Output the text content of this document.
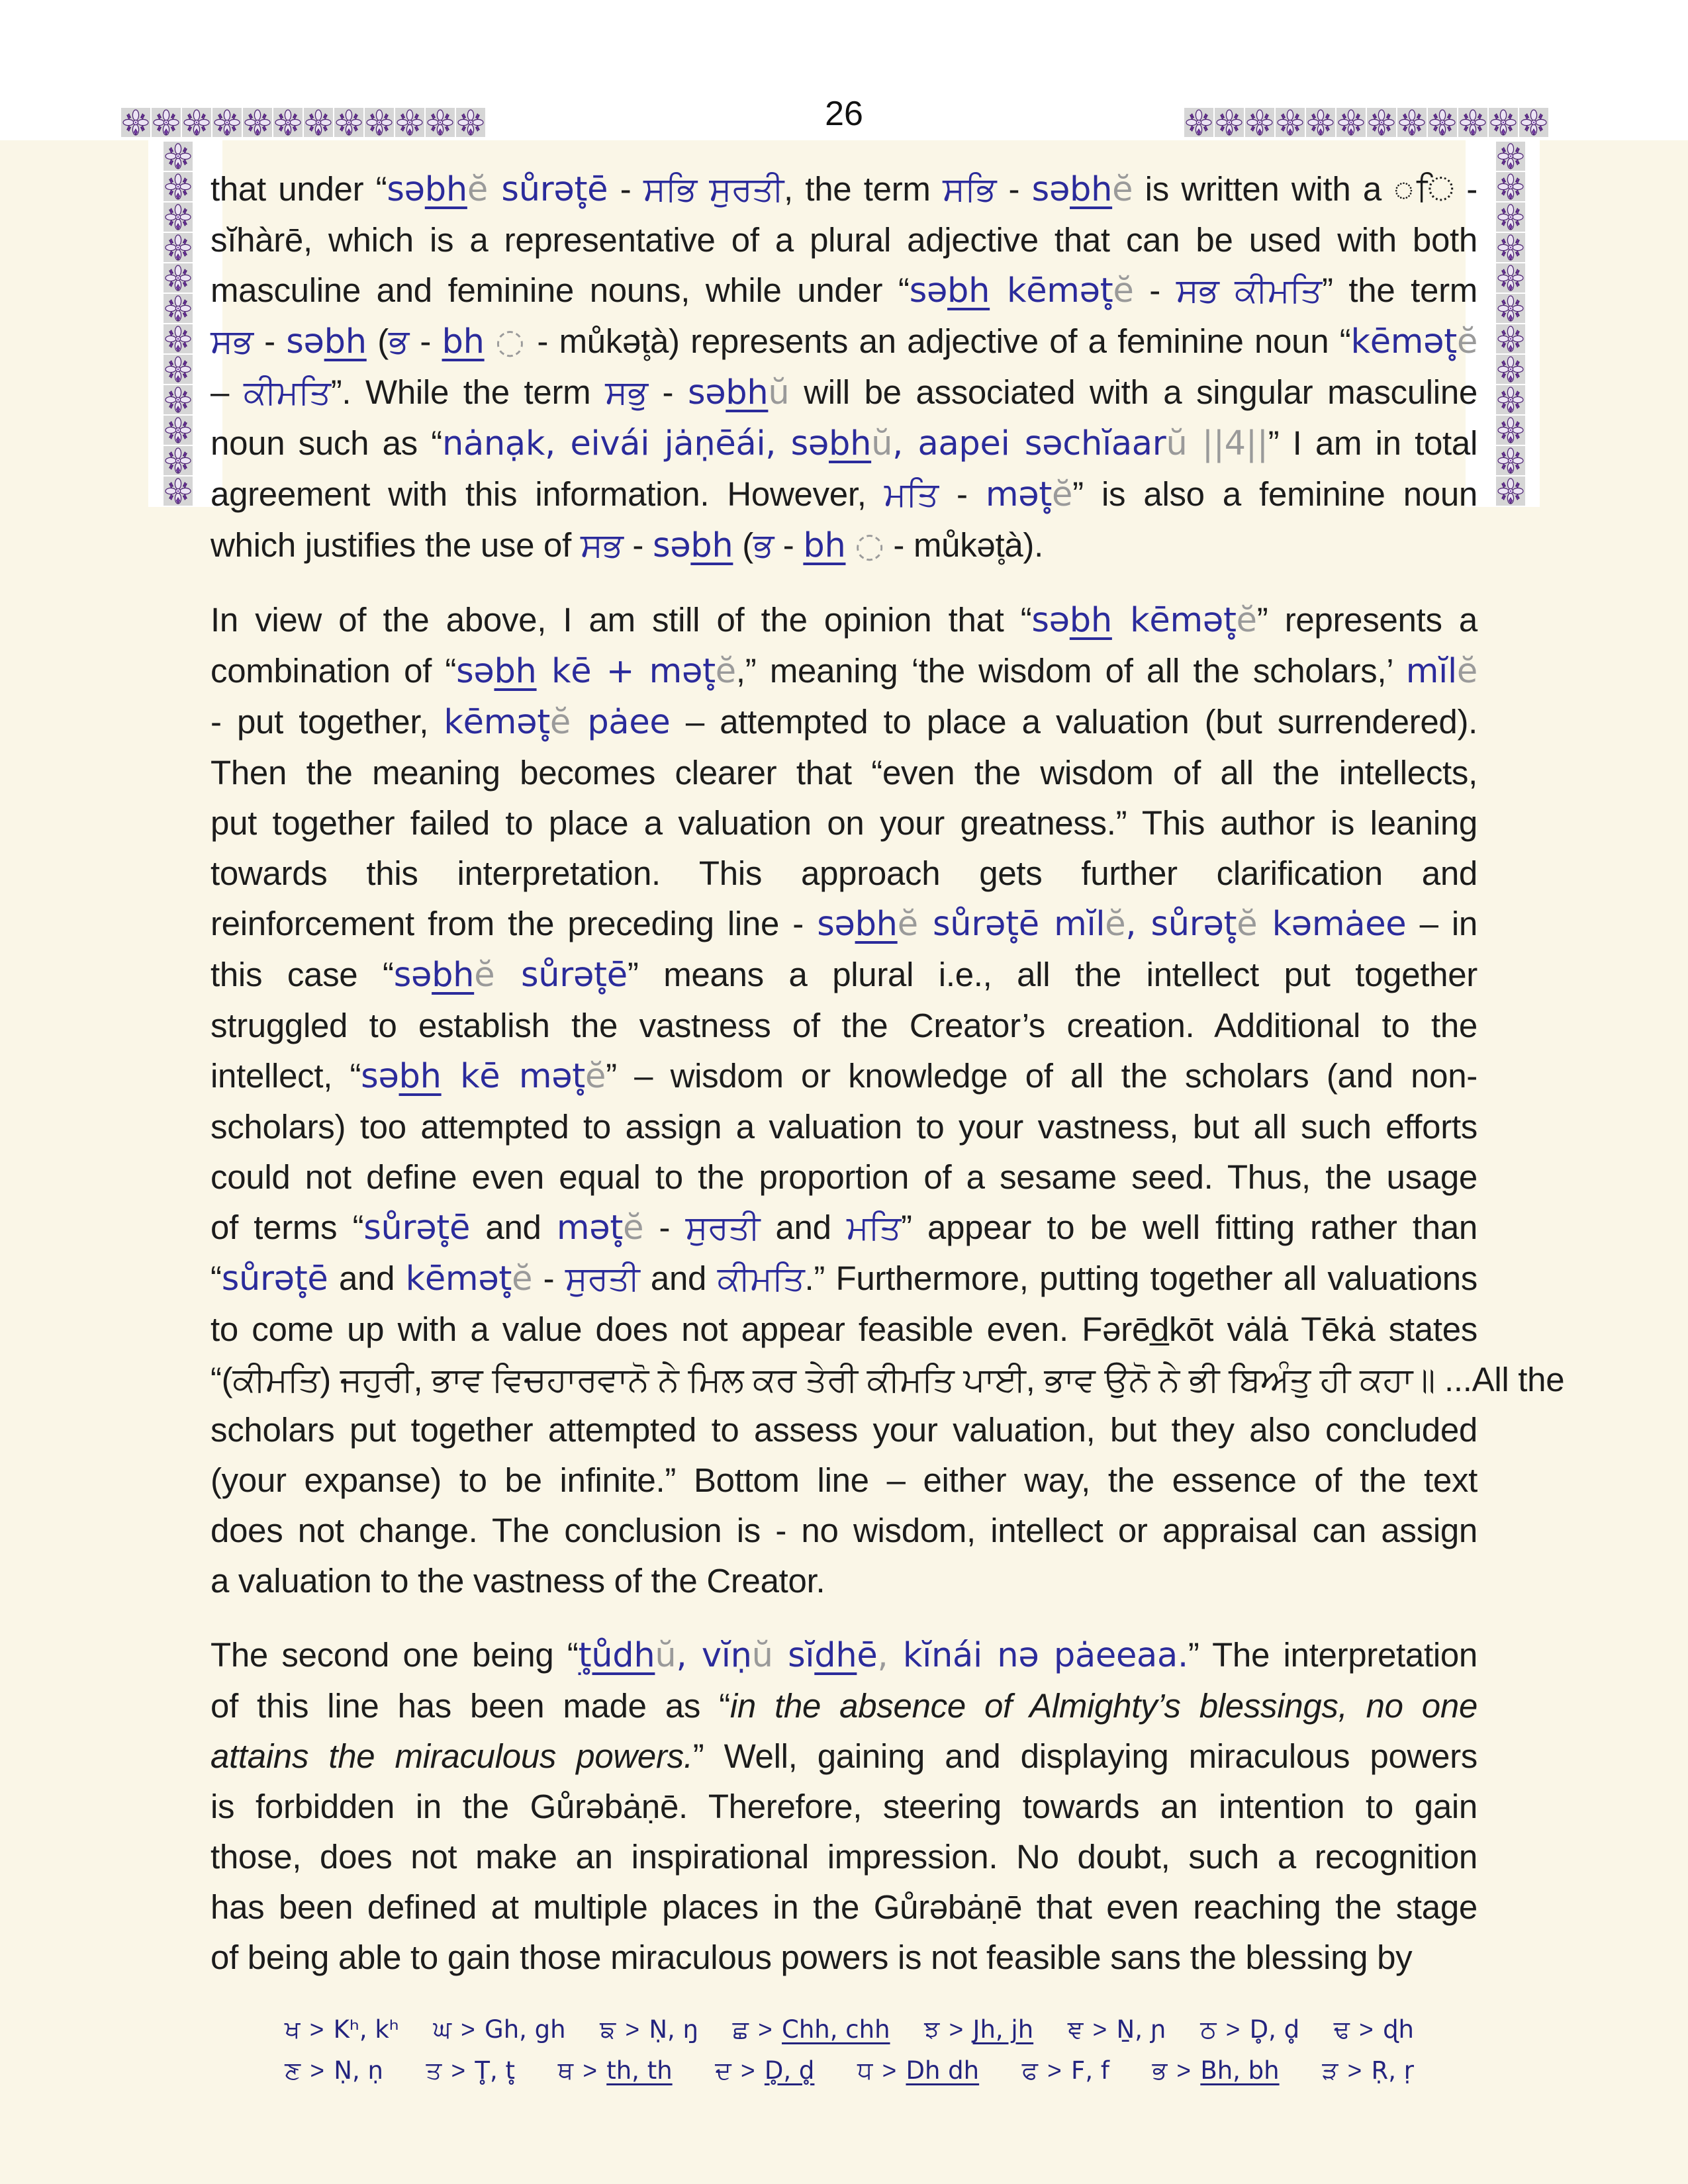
26
that under “səbhĕ sůrət̥ē - ਸਭਿ ਸੁਰਤੀ, the term ਸਭਿ - səbhĕ is written with a ◌ਿ -
sĭhàrē, which is a representative of a plural adjective that can be used with both
masculine and feminine nouns, while under “səbh kēmət̥ĕ - ਸਭ ਕੀਮਤਿ” the term
ਸਭ - səbh (ਭ - bh ◌ - můkət̥à) represents an adjective of a feminine noun “kēmət̥ĕ
– ਕੀਮਤਿ”. While the term ਸਭੁ - səbhŭ will be associated with a singular masculine
noun such as “nȧnạk, eivái jȧṇēái, səbhŭ, aapei səchĭaarŭ ||4||” I am in total
agreement with this information. However, ਮਤਿ - mət̥ĕ” is also a feminine noun
which justifies the use of ਸਭ - səbh (ਭ - bh ◌ - můkət̥à).
In view of the above, I am still of the opinion that “səbh kēmət̥ĕ” represents a
combination of “səbh kē + mət̥ĕ,” meaning ‘the wisdom of all the scholars,’ mĭlĕ
- put together, kēmət̥ĕ pȧee – attempted to place a valuation (but surrendered).
Then the meaning becomes clearer that “even the wisdom of all the intellects,
put together failed to place a valuation on your greatness.” This author is leaning
towards this interpretation. This approach gets further clarification and
reinforcement from the preceding line - səbhĕ sůrət̥ē mĭlĕ, sůrət̥ĕ kəmȧee – in
this case “səbhĕ sůrət̥ē” means a plural i.e., all the intellect put together
struggled to establish the vastness of the Creator’s creation. Additional to the
intellect, “səbh kē mət̥ĕ” – wisdom or knowledge of all the scholars (and non-
scholars) too attempted to assign a valuation to your vastness, but all such efforts
could not define even equal to the proportion of a sesame seed. Thus, the usage
of terms “sůrət̥ē and mət̥ĕ - ਸੁਰਤੀ and ਮਤਿ” appear to be well fitting rather than
“sůrət̥ē and kēmət̥ĕ - ਸੁਰਤੀ and ਕੀਮਤਿ.” Furthermore, putting together all valuations
to come up with a value does not appear feasible even. Fərēd̲kōt vȧlȧ Tēkȧ states
“(ਕੀਮਤਿ) ਜਹੁਰੀ, ਭਾਵ ਵਿਚਹਾਰਵਾਨੋ ਨੇ ਮਿਲ ਕਰ ਤੇਰੀ ਕੀਮਤਿ ਪਾਈ, ਭਾਵ ਉਨੋ ਨੇ ਭੀ ਬਿਅੰਤੁ ਹੀ ਕਹਾ॥ ...All the
scholars put together attempted to assess your valuation, but they also concluded
(your expanse) to be infinite.” Bottom line – either way, the essence of the text
does not change. The conclusion is - no wisdom, intellect or appraisal can assign
a valuation to the vastness of the Creator.
The second one being “t̥ůdhŭ, vĭṇŭ sĭdhē, kĭnái nə pȧeeaa.” The interpretation
of this line has been made as “in the absence of Almighty’s blessings, no one
attains the miraculous powers.” Well, gaining and displaying miraculous powers
is forbidden in the Gůrəbȧṇē. Therefore, steering towards an intention to gain
those, does not make an inspirational impression. No doubt, such a recognition
has been defined at multiple places in the Gůrəbȧṇē that even reaching the stage
of being able to gain those miraculous powers is not feasible sans the blessing by
ਖ > Kʰ, kʰ ਘ > Gh, gh ਙ > Ṇ, ŋ ਛ > Chh, chh ਝ > Jh, jh ਞ > Ṉ, ɲ ਠ > D̥, d̥ ਢ > ɖh
ਣ > Ṇ, ṇ ਤ > T̥, t̥ ਥ > th, th ਦ > D̥, d̥ ਧ > Dh dh ਫ > F, f ਭ > Bh, bh ੜ > Ṛ, ṛ
